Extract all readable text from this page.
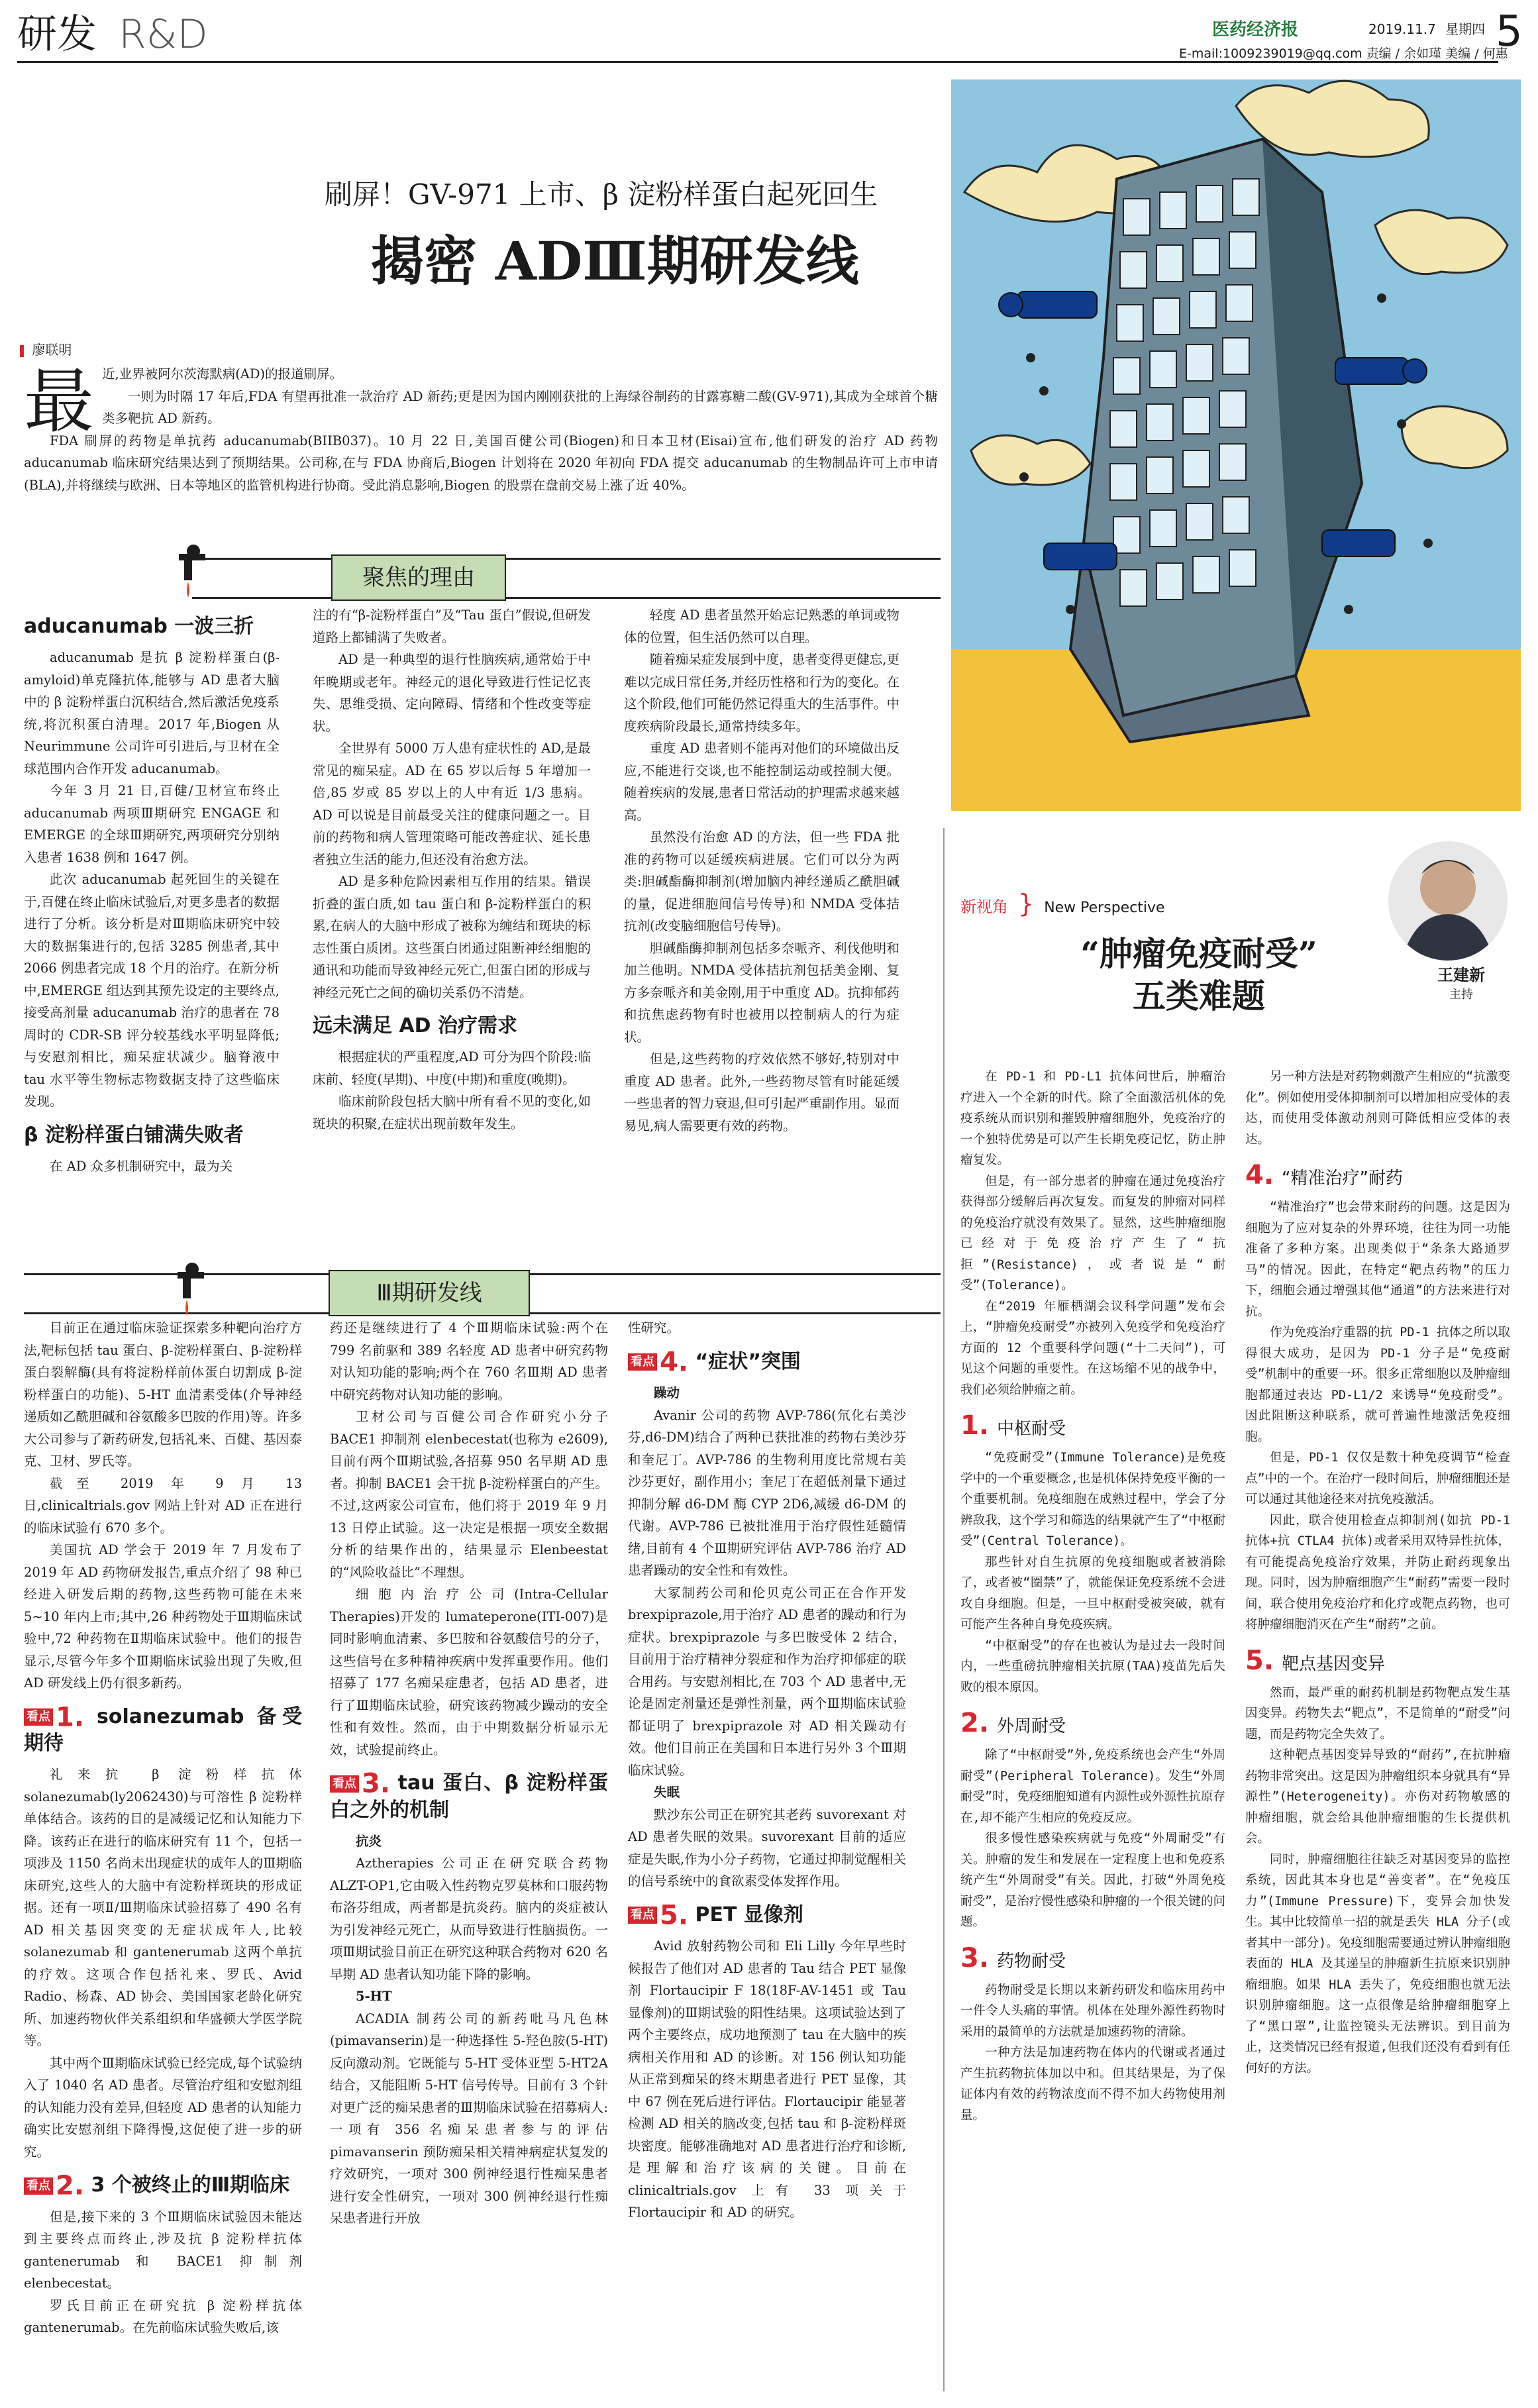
研发 R&D	医药经济报	2019.11.7 星期四 5
E-mail:1009239019@qq.com 责编 / 余如瑾 美编 / 何惠
刷屏！GV-971 上市、β 淀粉样蛋白起死回生
揭密 ADⅢ期研发线
廖联明
最 近,业界被阿尔茨海默病(AD)的报道刷屏。

一则为时隔 17 年后,FDA 有望再批准一款治疗 AD 新药;更是因为国内刚刚获批的上海绿谷制药的甘露寡糖二酸(GV-971),其成为全球首个糖类多靶抗 AD 新药。

FDA 刷屏的药物是单抗药 aducanumab(BIIB037)。10 月 22 日,美国百健公司(Biogen)和日本卫材(Eisai)宣布,他们研发的治疗 AD 药物 aducanumab 临床研究结果达到了预期结果。公司称,在与 FDA 协商后,Biogen 计划将在 2020 年初向 FDA 提交 aducanumab 的生物制品许可上市申请(BLA),并将继续与欧洲、日本等地区的监管机构进行协商。受此消息影响,Biogen 的股票在盘前交易上涨了近 40%。

聚焦的理由
aducanumab 一波三折

aducanumab 是抗 β 淀粉样蛋白(β-amyloid)单克隆抗体,能够与 AD 患者大脑中的 β 淀粉样蛋白沉积结合,然后激活免疫系统,将沉积蛋白清理。2017 年,Biogen 从 Neurimmune 公司许可引进后,与卫材在全球范围内合作开发 aducanumab。

今年 3 月 21 日,百健/卫材宣布终止 aducanumab 两项Ⅲ期研究 ENGAGE 和 EMERGE 的全球Ⅲ期研究,两项研究分别纳入患者 1638 例和 1647 例。

此次 aducanumab 起死回生的关键在于,百健在终止临床试验后,对更多患者的数据进行了分析。该分析是对Ⅲ期临床研究中较大的数据集进行的,包括 3285 例患者,其中 2066 例患者完成 18 个月的治疗。在新分析中,EMERGE 组达到其预先设定的主要终点,接受高剂量 aducanumab 治疗的患者在 78 周时的 CDR-SB 评分较基线水平明显降低;与安慰剂相比，痴呆症状减少。脑脊液中 tau 水平等生物标志物数据支持了这些临床发现。

β 淀粉样蛋白铺满失败者

在 AD 众多机制研究中，最为关

注的有“β-淀粉样蛋白”及“Tau 蛋白”假说,但研发道路上都铺满了失败者。

AD 是一种典型的退行性脑疾病,通常始于中年晚期或老年。神经元的退化导致进行性记忆丧失、思维受损、定向障碍、情绪和个性改变等症状。

全世界有 5000 万人患有症状性的 AD,是最常见的痴呆症。AD 在 65 岁以后每 5 年增加一倍,85 岁或 85 岁以上的人中有近 1/3 患病。AD 可以说是目前最受关注的健康问题之一。目前的药物和病人管理策略可能改善症状、延长患者独立生活的能力,但还没有治愈方法。

AD 是多种危险因素相互作用的结果。错误折叠的蛋白质,如 tau 蛋白和 β-淀粉样蛋白的积累,在病人的大脑中形成了被称为缠结和斑块的标志性蛋白质团。这些蛋白团通过阻断神经细胞的通讯和功能而导致神经元死亡,但蛋白团的形成与神经元死亡之间的确切关系仍不清楚。

远未满足 AD 治疗需求

根据症状的严重程度,AD 可分为四个阶段:临床前、轻度(早期)、中度(中期)和重度(晚期)。

临床前阶段包括大脑中所有看不见的变化,如斑块的积聚,在症状出现前数年发生。

轻度 AD 患者虽然开始忘记熟悉的单词或物体的位置，但生活仍然可以自理。

随着痴呆症发展到中度，患者变得更健忘,更难以完成日常任务,并经历性格和行为的变化。在这个阶段,他们可能仍然记得重大的生活事件。中度疾病阶段最长,通常持续多年。

重度 AD 患者则不能再对他们的环境做出反应,不能进行交谈,也不能控制运动或控制大便。随着疾病的发展,患者日常活动的护理需求越来越高。

虽然没有治愈 AD 的方法，但一些 FDA 批准的药物可以延缓疾病进展。它们可以分为两类:胆碱酯酶抑制剂(增加脑内神经递质乙酰胆碱的量，促进细胞间信号传导)和 NMDA 受体拮抗剂(改变脑细胞信号传导)。

胆碱酯酶抑制剂包括多奈哌齐、利伐他明和加兰他明。NMDA 受体拮抗剂包括美金刚、复方多奈哌齐和美金刚,用于中重度 AD。抗抑郁药和抗焦虑药物有时也被用以控制病人的行为症状。

但是,这些药物的疗效依然不够好,特别对中重度 AD 患者。此外,一些药物尽管有时能延缓一些患者的智力衰退,但可引起严重副作用。显而易见,病人需要更有效的药物。

Ⅲ期研发线

目前正在通过临床验证探索多种靶向治疗方法,靶标包括 tau 蛋白、β-淀粉样蛋白、β-淀粉样蛋白裂解酶(具有将淀粉样前体蛋白切割成 β-淀粉样蛋白的功能)、5-HT 血清素受体(介导神经递质如乙酰胆碱和谷氨酸多巴胺的作用)等。许多大公司参与了新药研发,包括礼来、百健、基因泰克、卫材、罗氏等。

截至 2019 年 9 月 13 日,clinicaltrials.gov 网站上针对 AD 正在进行的临床试验有 670 多个。

美国抗 AD 学会于 2019 年 7 月发布了 2019 年 AD 药物研发报告,重点介绍了 98 种已经进入研发后期的药物,这些药物可能在未来 5~10 年内上市;其中,26 种药物处于Ⅲ期临床试验中,72 种药物在Ⅱ期临床试验中。他们的报告显示,尽管今年多个Ⅲ期临床试验出现了失败,但 AD 研发线上仍有很多新药。

看点 1. solanezumab 备受期待

礼来抗 β 淀粉样抗体 solanezumab(ly2062430)与可溶性 β 淀粉样单体结合。该药的目的是减缓记忆和认知能力下降。该药正在进行的临床研究有 11 个，包括一项涉及 1150 名尚未出现症状的成年人的Ⅲ期临床研究,这些人的大脑中有淀粉样斑块的形成证据。还有一项Ⅱ/Ⅲ期临床试验招募了 490 名有 AD 相关基因突变的无症状成年人,比较 solanezumab 和 gantenerumab 这两个单抗的疗效。这项合作包括礼来、罗氏、Avid Radio、杨森、AD 协会、美国国家老龄化研究所、加速药物伙伴关系组织和华盛顿大学医学院等。

其中两个Ⅲ期临床试验已经完成,每个试验纳入了 1040 名 AD 患者。尽管治疗组和安慰剂组的认知能力没有差异,但轻度 AD 患者的认知能力确实比安慰剂组下降得慢,这促使了进一步的研究。

看点 2. 3 个被终止的Ⅲ期临床

但是,接下来的 3 个Ⅲ期临床试验因未能达到主要终点而终止,涉及抗 β 淀粉样抗体 gantenerumab 和 BACE1 抑制剂 elenbecestat。

罗氏目前正在研究抗 β 淀粉样抗体 gantenerumab。在先前临床试验失败后,该

药还是继续进行了 4 个Ⅲ期临床试验:两个在 799 名前驱和 389 名轻度 AD 患者中研究药物对认知功能的影响;两个在 760 名Ⅲ期 AD 患者中研究药物对认知功能的影响。

卫材公司与百健公司合作研究小分子 BACE1 抑制剂 elenbecestat(也称为 e2609),目前有两个Ⅲ期试验,各招募 950 名早期 AD 患者。抑制 BACE1 会干扰 β-淀粉样蛋白的产生。不过,这两家公司宣布，他们将于 2019 年 9 月 13 日停止试验。这一决定是根据一项安全数据分析的结果作出的，结果显示 Elenbeestat 的“风险收益比”不理想。

细胞内治疗公司(Intra-Cellular Therapies)开发的 lumateperone(ITI-007)是同时影响血清素、多巴胺和谷氨酸信号的分子，这些信号在多种精神疾病中发挥重要作用。他们招募了 177 名痴呆症患者，包括 AD 患者，进行了Ⅲ期临床试验，研究该药物减少躁动的安全性和有效性。然而，由于中期数据分析显示无效，试验提前终止。

看点 3. tau 蛋白、β 淀粉样蛋白之外的机制

抗炎

Aztherapies 公司正在研究联合药物 ALZT-OP1,它由吸入性药物克罗莫林和口服药物布洛芬组成，两者都是抗炎药。脑内的炎症被认为引发神经元死亡，从而导致进行性脑损伤。一项Ⅲ期试验目前正在研究这种联合药物对 620 名早期 AD 患者认知功能下降的影响。

5-HT

ACADIA 制药公司的新药吡马凡色林(pimavanserin)是一种选择性 5-羟色胺(5-HT)反向激动剂。它既能与 5-HT 受体亚型 5-HT2A 结合，又能阻断 5-HT 信号传导。目前有 3 个针对更广泛的痴呆患者的Ⅲ期临床试验在招募病人:一项有 356 名痴呆患者参与的评估 pimavanserin 预防痴呆相关精神病症状复发的疗效研究，一项对 300 例神经退行性痴呆患者进行安全性研究，一项对 300 例神经退行性痴呆患者进行开放

性研究。

看点 4. “症状”突围

躁动

Avanir 公司的药物 AVP-786(氘化右美沙芬,d6-DM)结合了两种已获批准的药物右美沙芬和奎尼丁。AVP-786 的生物利用度比常规右美沙芬更好，副作用小；奎尼丁在超低剂量下通过抑制分解 d6-DM 酶 CYP 2D6,减缓 d6-DM 的代谢。AVP-786 已被批准用于治疗假性延髓情绪,目前有 4 个Ⅲ期研究评估 AVP-786 治疗 AD 患者躁动的安全性和有效性。

大冢制药公司和伦贝克公司正在合作开发 brexpiprazole,用于治疗 AD 患者的躁动和行为症状。brexpiprazole 与多巴胺受体 2 结合，目前用于治疗精神分裂症和作为治疗抑郁症的联合用药。与安慰剂相比,在 703 个 AD 患者中,无论是固定剂量还是弹性剂量，两个Ⅲ期临床试验都证明了 brexpiprazole 对 AD 相关躁动有效。他们目前正在美国和日本进行另外 3 个Ⅲ期临床试验。

失眠

默沙东公司正在研究其老药 suvorexant 对 AD 患者失眠的效果。suvorexant 目前的适应症是失眠,作为小分子药物，它通过抑制觉醒相关的信号系统中的食欲素受体发挥作用。

看点 5. PET 显像剂

Avid 放射药物公司和 Eli Lilly 今年早些时候报告了他们对 AD 患者的 Tau 结合 PET 显像剂 Flortaucipir F 18(18F-AV-1451 或 Tau 显像剂)的Ⅲ期试验的阳性结果。这项试验达到了两个主要终点，成功地预测了 tau 在大脑中的疾病相关作用和 AD 的诊断。对 156 例认知功能从正常到痴呆的终末期患者进行 PET 显像，其中 67 例在死后进行评估。Flortaucipir 能显著检测 AD 相关的脑改变,包括 tau 和 β-淀粉样斑块密度。能够准确地对 AD 患者进行治疗和诊断,是理解和治疗该病的关键。目前在 clinicaltrials.gov 上有 33 项关于 Flortaucipir 和 AD 的研究。

新视角 } New Perspective
“肿瘤免疫耐受”
五类难题
王建新
主持

在 PD-1 和 PD-L1 抗体问世后，肿瘤治疗进入一个全新的时代。除了全面激活机体的免疫系统从而识别和摧毁肿瘤细胞外，免疫治疗的一个独特优势是可以产生长期免疫记忆，防止肿瘤复发。

但是，有一部分患者的肿瘤在通过免疫治疗获得部分缓解后再次复发。而复发的肿瘤对同样的免疫治疗就没有效果了。显然，这些肿瘤细胞已经对于免疫治疗产生了“抗拒”(Resistance)，或者说是“耐受”(Tolerance)。

在“2019 年雁栖湖会议科学问题”发布会上，“肿瘤免疫耐受”亦被列入免疫学和免疫治疗方面的 12 个重要科学问题(“十二天问”)，可见这个问题的重要性。在这场缩不见的战争中，我们必须给肿瘤之前。

1. 中枢耐受

“免疫耐受”(Immune Tolerance)是免疫学中的一个重要概念,也是机体保持免疫平衡的一个重要机制。免疫细胞在成熟过程中，学会了分辨敌我，这个学习和筛选的结果就产生了“中枢耐受”(Central Tolerance)。

那些针对自生抗原的免疫细胞或者被消除了，或者被“圈禁”了，就能保证免疫系统不会进攻自身细胞。但是，一旦中枢耐受被突破，就有可能产生各种自身免疫疾病。

“中枢耐受”的存在也被认为是过去一段时间内，一些重磅抗肿瘤相关抗原(TAA)疫苗先后失败的根本原因。

2. 外周耐受

除了“中枢耐受”外,免疫系统也会产生“外周耐受”(Peripheral Tolerance)。发生“外周耐受”时，免疫细胞知道有内源性或外源性抗原存在,却不能产生相应的免疫反应。

很多慢性感染疾病就与免疫“外周耐受”有关。肿瘤的发生和发展在一定程度上也和免疫系统产生“外周耐受”有关。因此，打破“外周免疫耐受”，是治疗慢性感染和肿瘤的一个很关键的问题。

3. 药物耐受

药物耐受是长期以来新药研发和临床用药中一件令人头痛的事情。机体在处理外源性药物时采用的最简单的方法就是加速药物的清除。

一种方法是加速药物在体内的代谢或者通过产生抗药物抗体加以中和。但其结果是，为了保证体内有效的药物浓度而不得不加大药物使用剂量。

另一种方法是对药物刺激产生相应的“抗激变化”。例如使用受体抑制剂可以增加相应受体的表达，而使用受体激动剂则可降低相应受体的表达。

4. “精准治疗”耐药

“精准治疗”也会带来耐药的问题。这是因为细胞为了应对复杂的外界环境，往往为同一功能准备了多种方案。出现类似于“条条大路通罗马”的情况。因此，在特定“靶点药物”的压力下，细胞会通过增强其他“通道”的方法来进行对抗。

作为免疫治疗重器的抗 PD-1 抗体之所以取得很大成功，是因为 PD-1 分子是“免疫耐受”机制中的重要一环。很多正常细胞以及肿瘤细胞都通过表达 PD-L1/2 来诱导“免疫耐受”。因此阻断这种联系，就可普遍性地激活免疫细胞。

但是，PD-1 仅仅是数十种免疫调节“检查点”中的一个。在治疗一段时间后，肿瘤细胞还是可以通过其他途径来对抗免疫激活。

因此，联合使用检查点抑制剂(如抗 PD-1 抗体+抗 CTLA4 抗体)或者采用双特异性抗体，有可能提高免疫治疗效果，并防止耐药现象出现。同时，因为肿瘤细胞产生“耐药”需要一段时间，联合使用免疫治疗和化疗或靶点药物，也可将肿瘤细胞消灭在产生“耐药”之前。

5. 靶点基因变异

然而，最严重的耐药机制是药物靶点发生基因变异。药物失去“靶点”，不是简单的“耐受”问题，而是药物完全失效了。

这种靶点基因变异导致的“耐药”,在抗肿瘤药物非常突出。这是因为肿瘤组织本身就具有“异源性”(Heterogeneity)。亦伤对药物敏感的肿瘤细胞，就会给具他肿瘤细胞的生长提供机会。

同时，肿瘤细胞往往缺乏对基因变异的监控系统，因此其本身也是“善变者”。在“免疫压力”(Immune Pressure)下，变异会加快发生。其中比较简单一招的就是丢失 HLA 分子(或者其中一部分)。免疫细胞需要通过辨认肿瘤细胞表面的 HLA 及其递呈的肿瘤新生抗原来识别肿瘤细胞。如果 HLA 丢失了，免疫细胞也就无法识别肿瘤细胞。这一点很像是给肿瘤细胞穿上了“黑口罩”,让监控镜头无法辨识。到目前为止，这类情况已经有报道,但我们还没有看到有任何好的方法。
